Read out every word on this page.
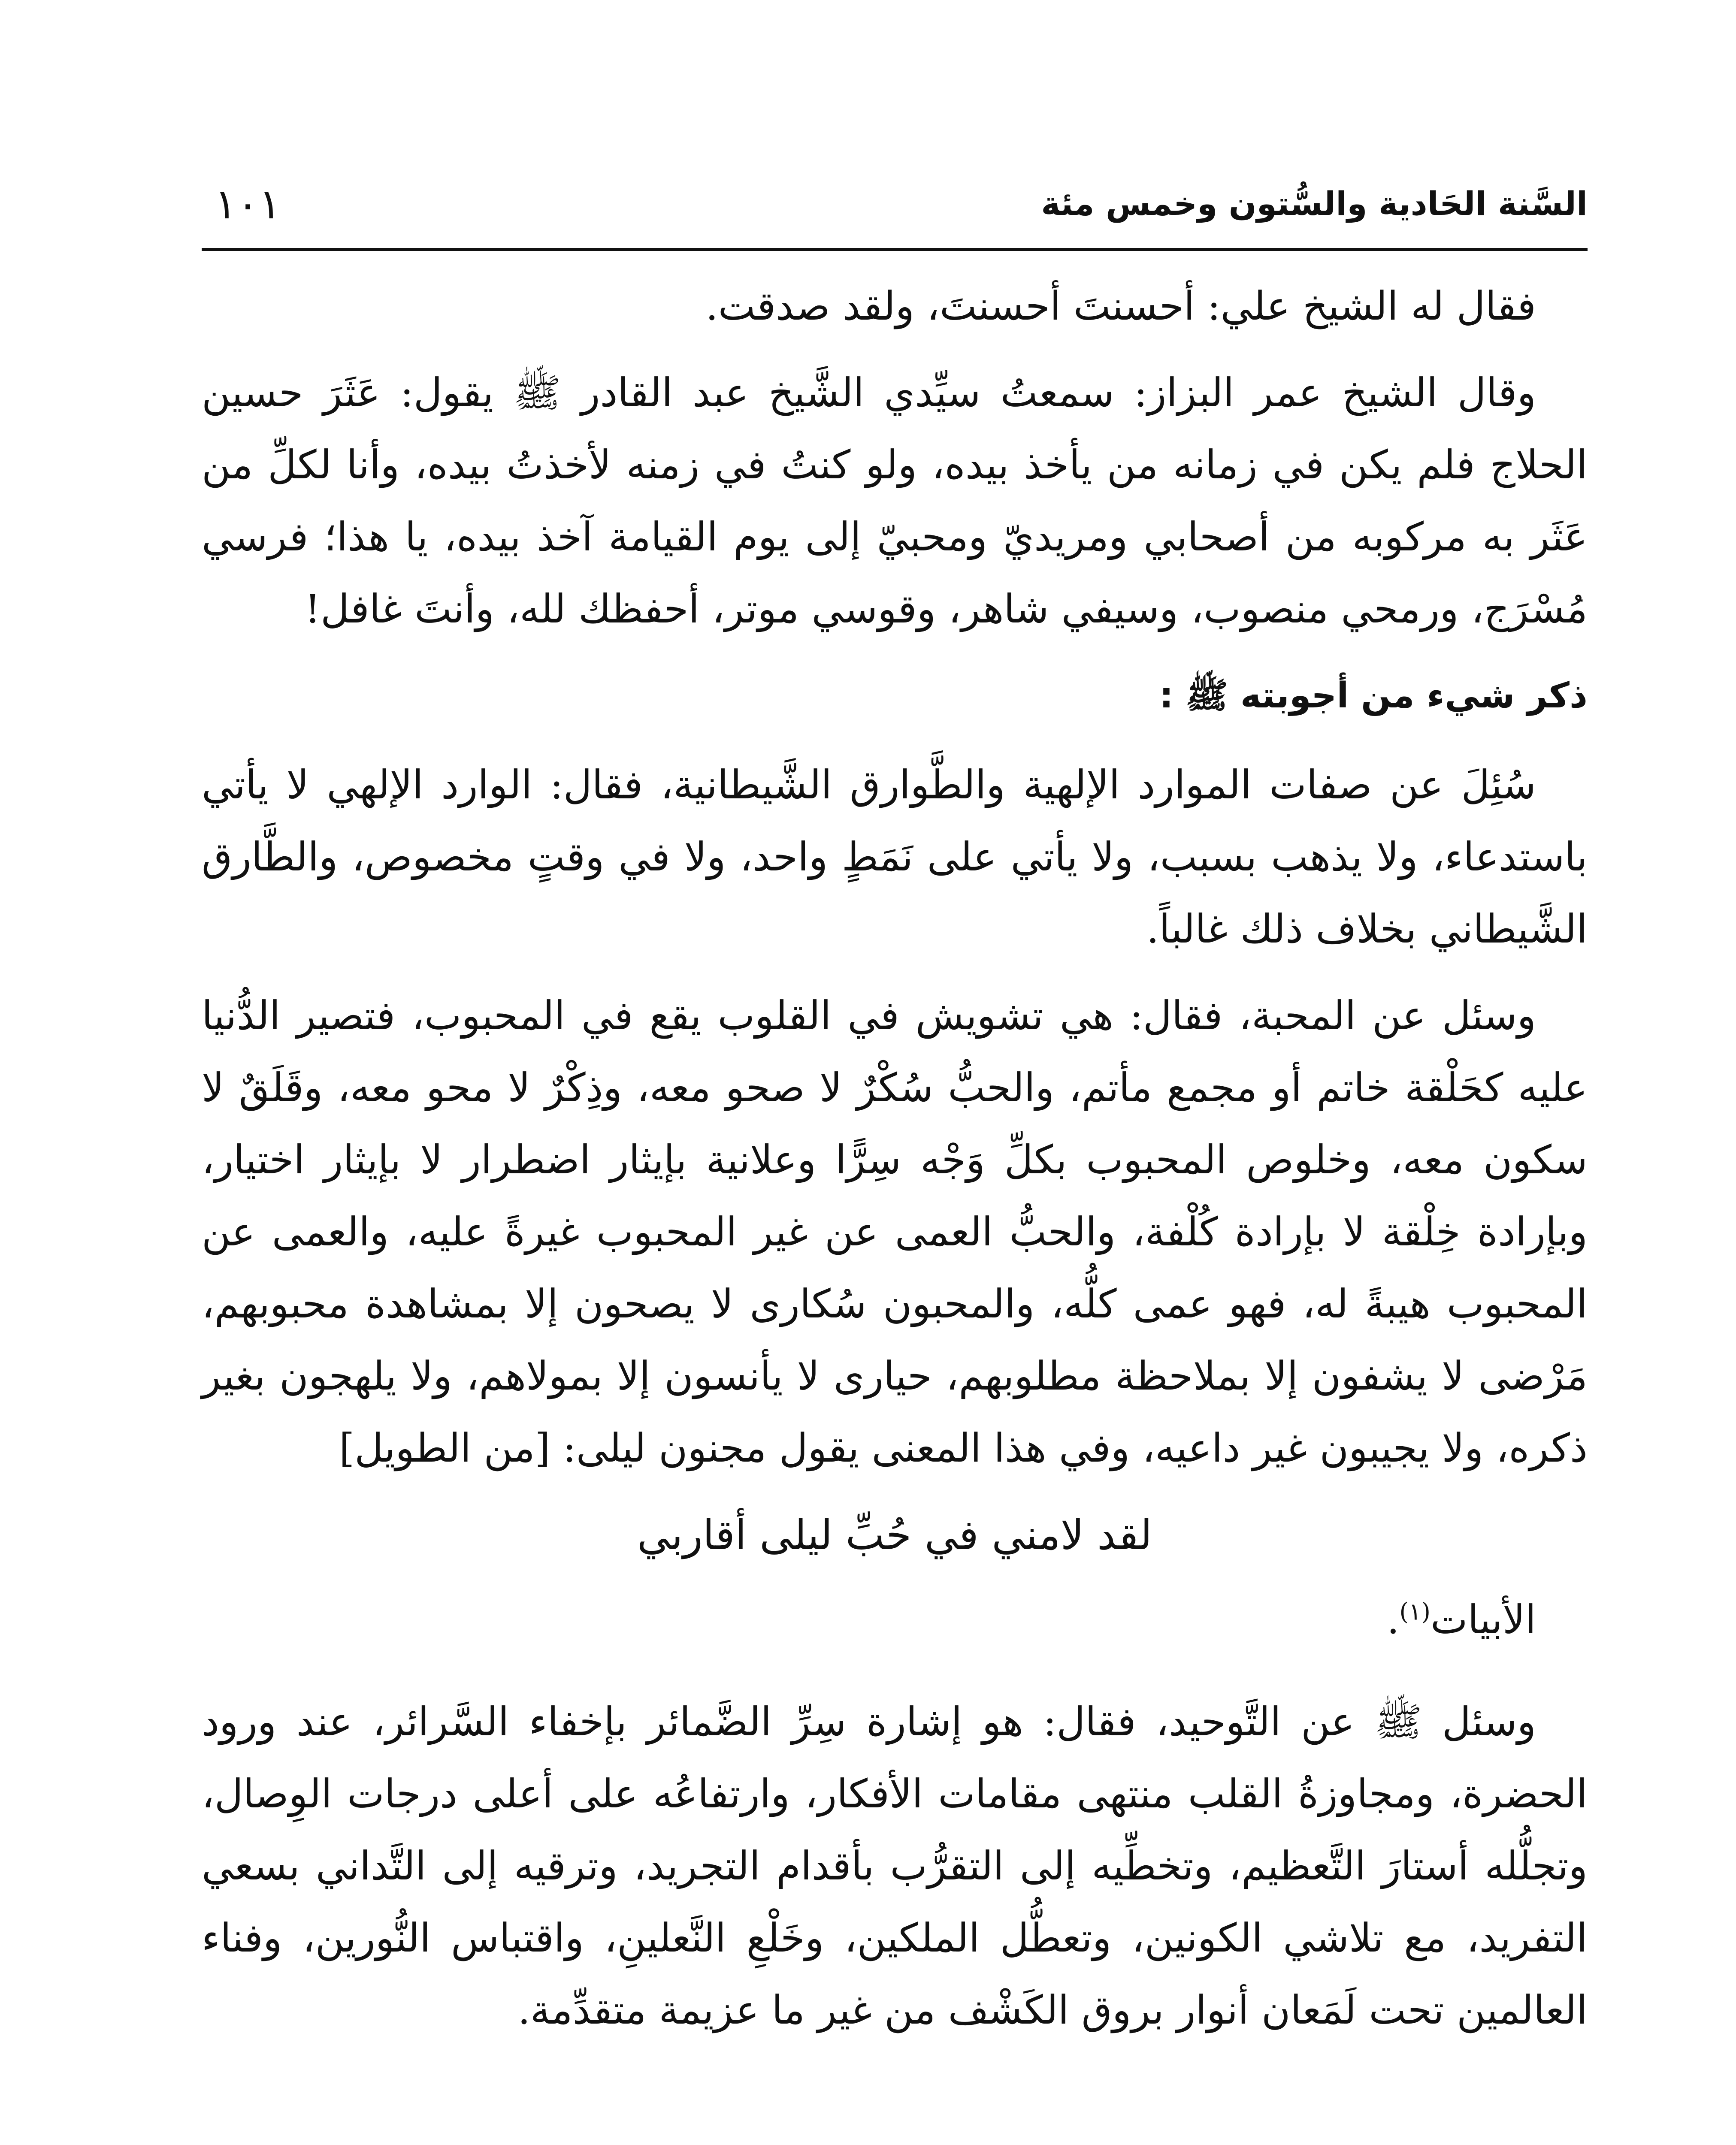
السَّنة الحَادية والسُّتون وخمس مئة
١٠١

فقال له الشيخ علي: أحسنتَ أحسنتَ، ولقد صدقت.

وقال الشيخ عمر البزاز: سمعتُ سيِّدي الشَّيخ عبد القادر ﷺ يقول: عَثَرَ حسين الحلاج فلم يكن في زمانه من يأخذ بيده، ولو كنتُ في زمنه لأخذتُ بيده، وأنا لكلِّ من عَثَر به مركوبه من أصحابي ومريديّ ومحبيّ إلى يوم القيامة آخذ بيده، يا هذا؛ فرسي مُسْرَج، ورمحي منصوب، وسيفي شاهر، وقوسي موتر، أحفظك لله، وأنتَ غافل!

ذكر شيء من أجوبته ﷺ :

سُئِلَ عن صفات الموارد الإلهية والطَّوارق الشَّيطانية، فقال: الوارد الإلهي لا يأتي باستدعاء، ولا يذهب بسبب، ولا يأتي على نَمَطٍ واحد، ولا في وقتٍ مخصوص، والطَّارق الشَّيطاني بخلاف ذلك غالباً.

وسئل عن المحبة، فقال: هي تشويش في القلوب يقع في المحبوب، فتصير الدُّنيا عليه كحَلْقة خاتم أو مجمع مأتم، والحبُّ سُكْرٌ لا صحو معه، وذِكْرٌ لا محو معه، وقَلَقٌ لا سكون معه، وخلوص المحبوب بكلِّ وَجْه سِرًّا وعلانية بإيثار اضطرار لا بإيثار اختيار، وبإرادة خِلْقة لا بإرادة كُلْفة، والحبُّ العمى عن غير المحبوب غيرةً عليه، والعمى عن المحبوب هيبةً له، فهو عمى كلُّه، والمحبون سُكارى لا يصحون إلا بمشاهدة محبوبهم، مَرْضى لا يشفون إلا بملاحظة مطلوبهم، حيارى لا يأنسون إلا بمولاهم، ولا يلهجون بغير ذكره، ولا يجيبون غير داعيه، وفي هذا المعنى يقول مجنون ليلى: [من الطويل]

لقد لامني في حُبِّ ليلى أقاربي
الأبيات$^{(١)}$.

وسئل ﷺ عن التَّوحيد، فقال: هو إشارة سِرِّ الضَّمائر بإخفاء السَّرائر، عند ورود الحضرة، ومجاوزةُ القلب منتهى مقامات الأفكار، وارتفاعُه على أعلى درجات الوِصال، وتجلُّله أستارَ التَّعظيم، وتخطِّيه إلى التقرُّب بأقدام التجريد، وترقيه إلى التَّداني بسعي التفريد، مع تلاشي الكونين، وتعطُّل الملكين، وخَلْعِ النَّعلينِ، واقتباس النُّورين، وفناء العالمين تحت لَمَعان أنوار بروق الكَشْف من غير ما عزيمة متقدِّمة.
